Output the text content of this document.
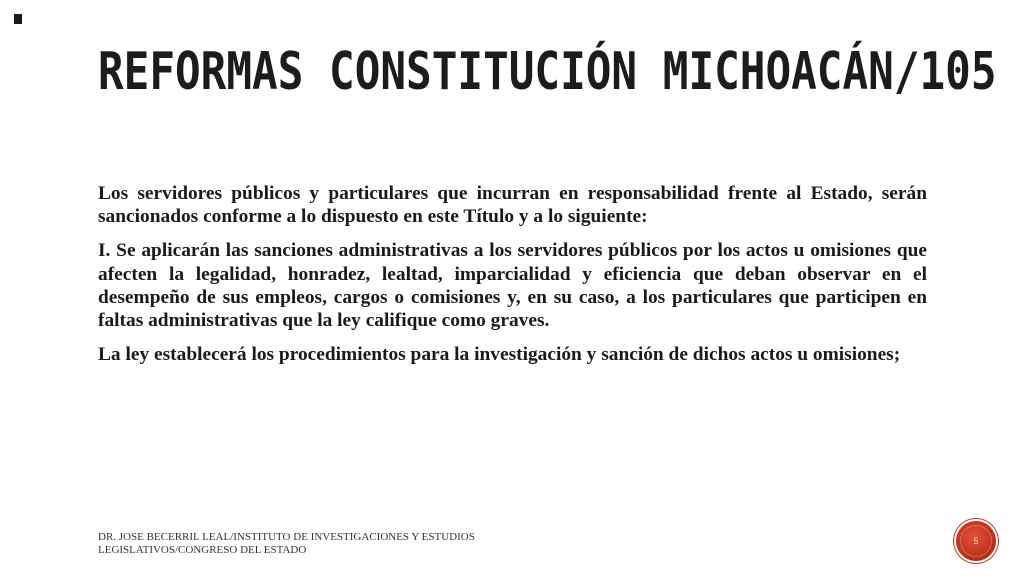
REFORMAS CONSTITUCIÓN MICHOACÁN/105

Los servidores públicos y particulares que incurran en responsabilidad frente al Estado, serán sancionados conforme a lo dispuesto en este Título y a lo siguiente:

I. Se aplicarán las sanciones administrativas a los servidores públicos por los actos u omisiones que afecten la legalidad, honradez, lealtad, imparcialidad y eficiencia que deban observar en el desempeño de sus empleos, cargos o comisiones y, en su caso, a los particulares que participen en faltas administrativas que la ley califique como graves.

La ley establecerá los procedimientos para la investigación y sanción de dichos actos u omisiones;

DR. JOSE BECERRIL LEAL/INSTITUTO DE INVESTIGACIONES Y ESTUDIOS LEGISLATIVOS/CONGRESO DEL ESTADO
5
